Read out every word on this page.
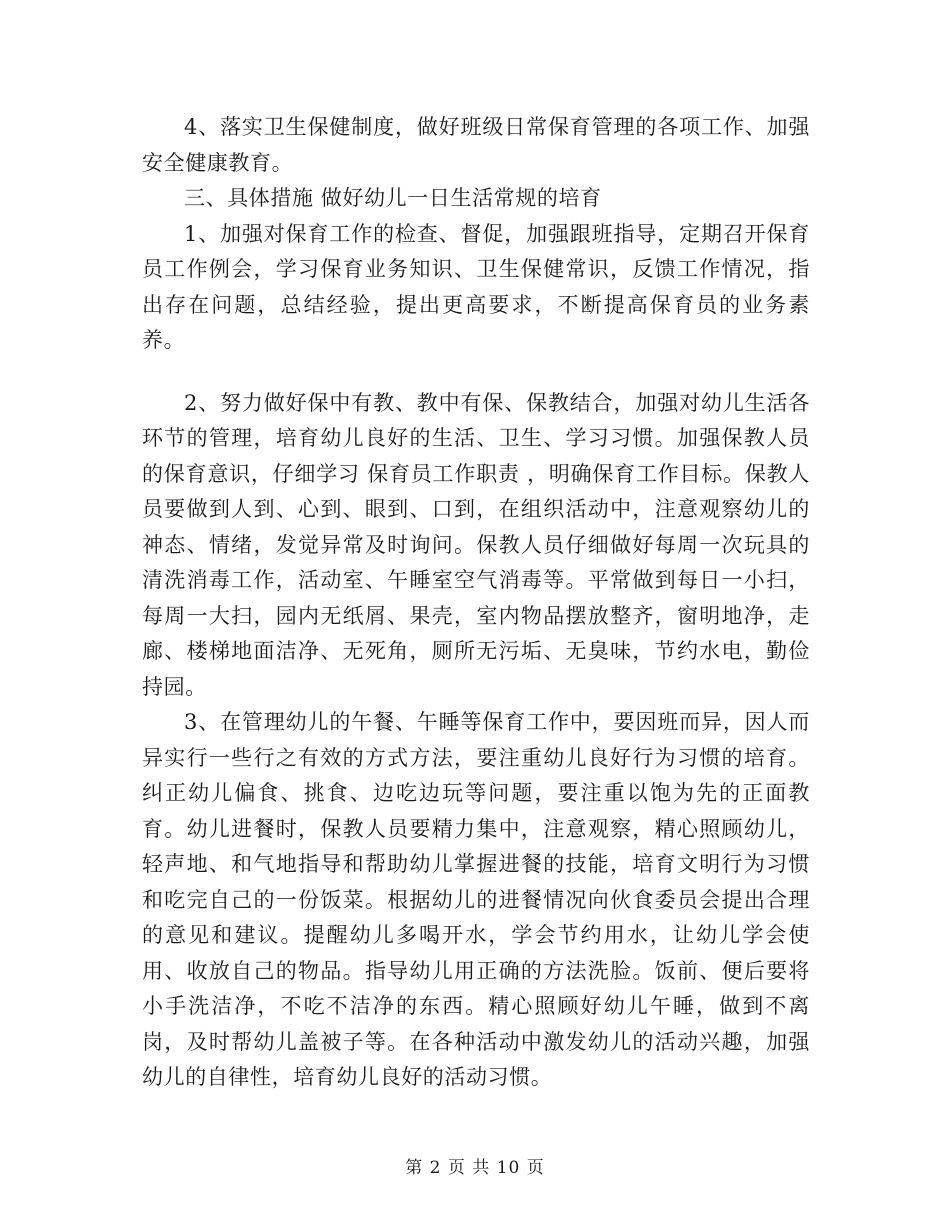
4、落实卫生保健制度，做好班级日常保育管理的各项工作、加强安全健康教育。

三、具体措施 做好幼儿一日生活常规的培育

1、加强对保育工作的检查、督促，加强跟班指导，定期召开保育员工作例会，学习保育业务知识、卫生保健常识，反馈工作情况，指出存在问题，总结经验，提出更高要求，不断提高保育员的业务素养。

2、努力做好保中有教、教中有保、保教结合，加强对幼儿生活各环节的管理，培育幼儿良好的生活、卫生、学习习惯。加强保教人员的保育意识，仔细学习 保育员工作职责 ，明确保育工作目标。保教人员要做到人到、心到、眼到、口到，在组织活动中，注意观察幼儿的神态、情绪，发觉异常及时询问。保教人员仔细做好每周一次玩具的清洗消毒工作，活动室、午睡室空气消毒等。平常做到每日一小扫，每周一大扫，园内无纸屑、果壳，室内物品摆放整齐，窗明地净，走廊、楼梯地面洁净、无死角，厕所无污垢、无臭味，节约水电，勤俭持园。

3、在管理幼儿的午餐、午睡等保育工作中，要因班而异，因人而异实行一些行之有效的方式方法，要注重幼儿良好行为习惯的培育。纠正幼儿偏食、挑食、边吃边玩等问题，要注重以饱为先的正面教育。幼儿进餐时，保教人员要精力集中，注意观察，精心照顾幼儿，轻声地、和气地指导和帮助幼儿掌握进餐的技能，培育文明行为习惯和吃完自己的一份饭菜。根据幼儿的进餐情况向伙食委员会提出合理的意见和建议。提醒幼儿多喝开水，学会节约用水，让幼儿学会使用、收放自己的物品。指导幼儿用正确的方法洗脸。饭前、便后要将小手洗洁净，不吃不洁净的东西。精心照顾好幼儿午睡，做到不离岗，及时帮幼儿盖被子等。在各种活动中激发幼儿的活动兴趣，加强幼儿的自律性，培育幼儿良好的活动习惯。

第 2 页 共 10 页
